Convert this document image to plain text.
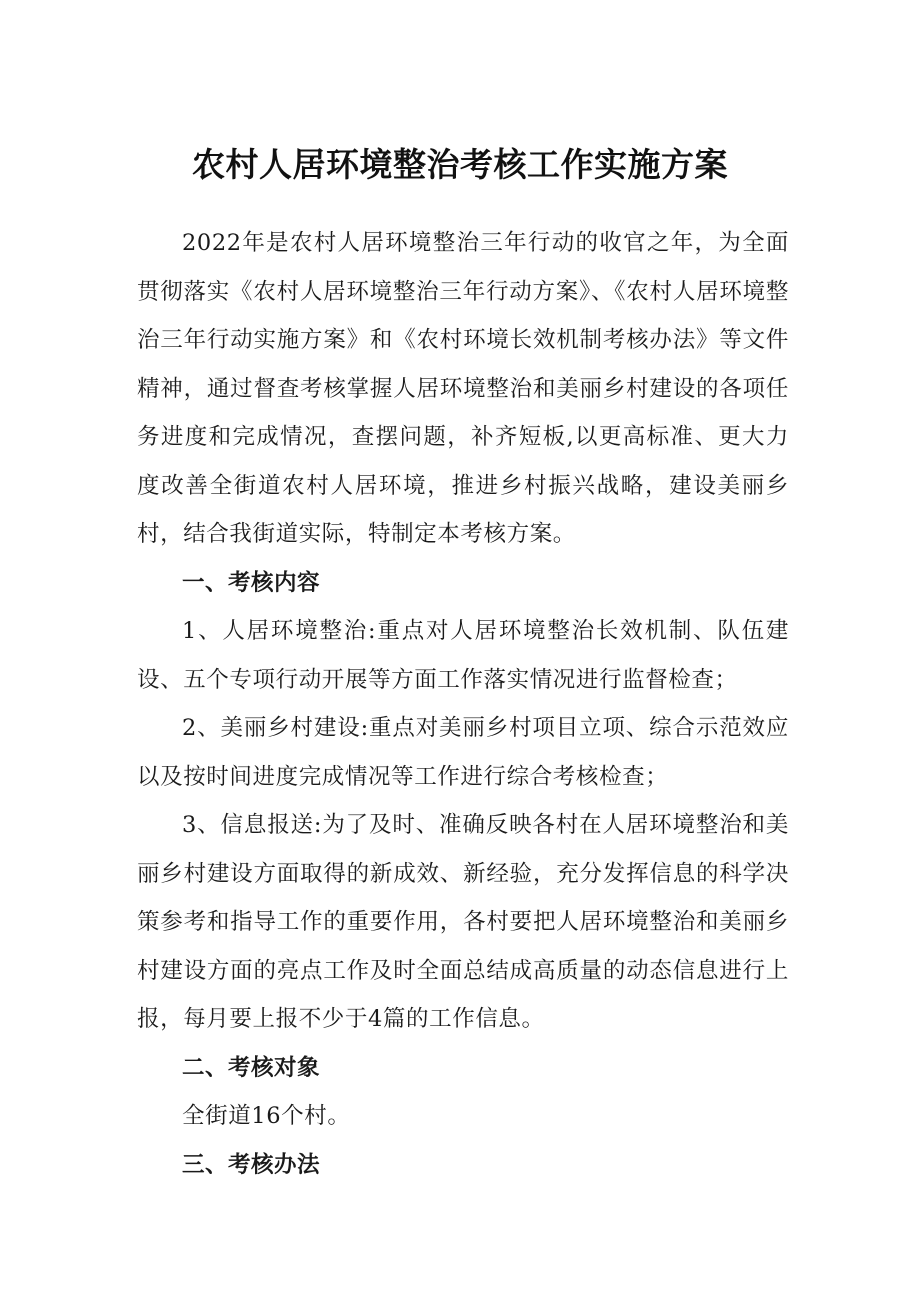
农村人居环境整治考核工作实施方案

2022年是农村人居环境整治三年行动的收官之年，为全面贯彻落实《农村人居环境整治三年行动方案》、《农村人居环境整治三年行动实施方案》和《农村环境长效机制考核办法》等文件精神，通过督查考核掌握人居环境整治和美丽乡村建设的各项任务进度和完成情况，查摆问题，补齐短板,以更高标准、更大力度改善全街道农村人居环境，推进乡村振兴战略，建设美丽乡村，结合我街道实际，特制定本考核方案。

一、考核内容

1、人居环境整治:重点对人居环境整治长效机制、队伍建设、五个专项行动开展等方面工作落实情况进行监督检查；

2、美丽乡村建设:重点对美丽乡村项目立项、综合示范效应以及按时间进度完成情况等工作进行综合考核检查；

3、信息报送:为了及时、准确反映各村在人居环境整治和美丽乡村建设方面取得的新成效、新经验，充分发挥信息的科学决策参考和指导工作的重要作用，各村要把人居环境整治和美丽乡村建设方面的亮点工作及时全面总结成高质量的动态信息进行上报，每月要上报不少于4篇的工作信息。

二、考核对象

全街道16个村。

三、考核办法
